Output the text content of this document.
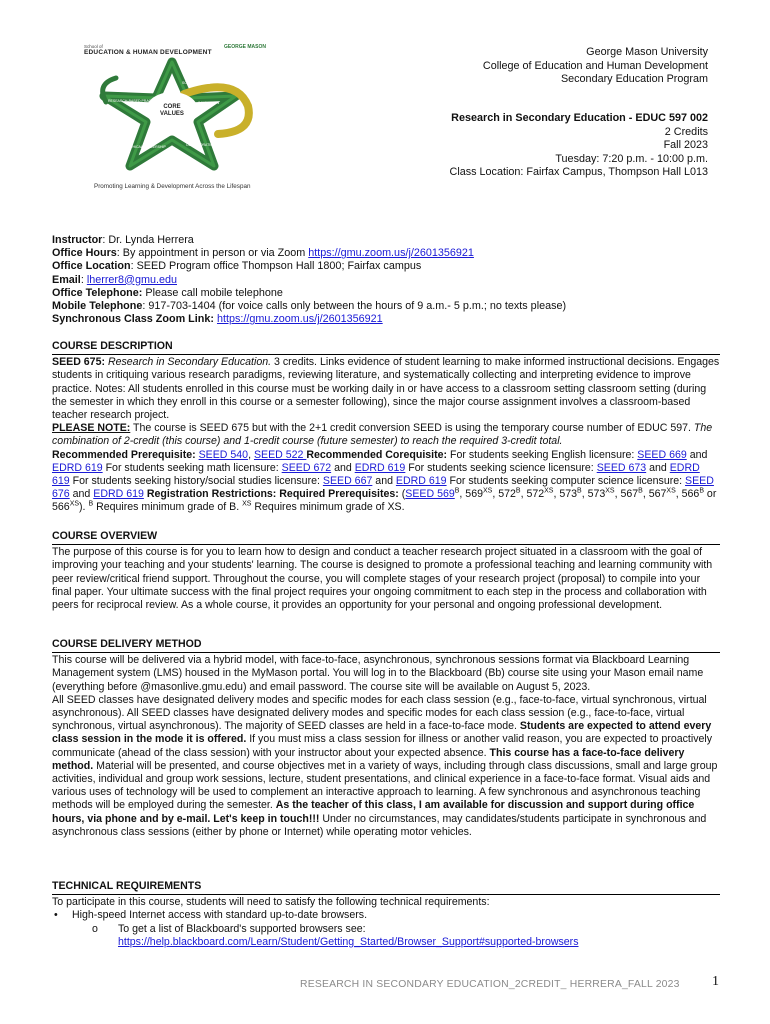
School of
EDUCATION & HUMAN DEVELOPMENT
GEORGE MASON
CORE
VALUES
SOCIAL JUSTICE
INNOVATION
COLLABORATION
ETHICAL LEADERSHIP
RESEARCH-BASED PRACTICE
Promoting Learning & Development Across the Lifespan
George Mason University
College of Education and Human Development
Secondary Education Program
Research in Secondary Education - EDUC 597 002
2 Credits
Fall 2023
Tuesday: 7:20 p.m. - 10:00 p.m.
Class Location: Fairfax Campus, Thompson Hall L013
Instructor: Dr. Lynda Herrera
Office Hours: By appointment in person or via Zoom https://gmu.zoom.us/j/2601356921
Office Location: SEED Program office Thompson Hall 1800; Fairfax campus
Email: lherrer8@gmu.edu
Office Telephone: Please call mobile telephone
Mobile Telephone: 917-703-1404 (for voice calls only between the hours of 9 a.m.- 5 p.m.; no texts please)
Synchronous Class Zoom Link: https://gmu.zoom.us/j/2601356921
COURSE DESCRIPTION

SEED 675: Research in Secondary Education. 3 credits. Links evidence of student learning to make informed instructional decisions. Engages students in critiquing various research paradigms, reviewing literature, and systematically collecting and interpreting evidence to improve practice. Notes: All students enrolled in this course must be working daily in or have access to a classroom setting classroom setting (during the semester in which they enroll in this course or a semester following), since the major course assignment involves a classroom-based teacher research project.

PLEASE NOTE: The course is SEED 675 but with the 2+1 credit conversion SEED is using the temporary course number of EDUC 597. The combination of 2-credit (this course) and 1-credit course (future semester) to reach the required 3-credit total.

Recommended Prerequisite: SEED 540, SEED 522 Recommended Corequisite: For students seeking English licensure: SEED 669 and EDRD 619 For students seeking math licensure: SEED 672 and EDRD 619 For students seeking science licensure: SEED 673 and EDRD 619 For students seeking history/social studies licensure: SEED 667 and EDRD 619 For students seeking computer science licensure: SEED 676 and EDRD 619 Registration Restrictions: Required Prerequisites: (SEED $569^B$, $569^{XS}$, $572^B$, $572^{XS}$, $573^B$, $573^{XS}$, $567^B$, $567^{XS}$, $566^B$ or $566^{XS}$). $^B$ Requires minimum grade of B. $^{XS}$ Requires minimum grade of XS.

COURSE OVERVIEW
The purpose of this course is for you to learn how to design and conduct a teacher research project situated in a classroom with the goal of improving your teaching and your students' learning. The course is designed to promote a professional teaching and learning community with peer review/critical friend support. Throughout the course, you will complete stages of your research project (proposal) to compile into your final paper. Your ultimate success with the final project requires your ongoing commitment to each step in the process and collaboration with peers for reciprocal review. As a whole course, it provides an opportunity for your personal and ongoing professional development.
COURSE DELIVERY METHOD

This course will be delivered via a hybrid model, with face-to-face, asynchronous, synchronous sessions format via Blackboard Learning Management system (LMS) housed in the MyMason portal. You will log in to the Blackboard (Bb) course site using your Mason email name (everything before @masonlive.gmu.edu) and email password. The course site will be available on August 5, 2023.

All SEED classes have designated delivery modes and specific modes for each class session (e.g., face-to-face, virtual synchronous, virtual asynchronous). All SEED classes have designated delivery modes and specific modes for each class session (e.g., face-to-face, virtual synchronous, virtual asynchronous). The majority of SEED classes are held in a face-to-face mode. Students are expected to attend every class session in the mode it is offered. If you must miss a class session for illness or another valid reason, you are expected to proactively communicate (ahead of the class session) with your instructor about your expected absence. This course has a face-to-face delivery method. Material will be presented, and course objectives met in a variety of ways, including through class discussions, small and large group activities, individual and group work sessions, lecture, student presentations, and clinical experience in a face-to-face format. Visual aids and various uses of technology will be used to complement an interactive approach to learning. A few synchronous and asynchronous teaching methods will be employed during the semester. As the teacher of this class, I am available for discussion and support during office hours, via phone and by e-mail. Let's keep in touch!!! Under no circumstances, may candidates/students participate in synchronous and asynchronous class sessions (either by phone or Internet) while operating motor vehicles.

TECHNICAL REQUIREMENTS

To participate in this course, students will need to satisfy the following technical requirements:

• High-speed Internet access with standard up-to-date browsers.
o To get a list of Blackboard's supported browsers see:
https://help.blackboard.com/Learn/Student/Getting_Started/Browser_Support#supported-browsers
RESEARCH IN SECONDARY EDUCATION_2CREDIT_ HERRERA_FALL 2023 1
